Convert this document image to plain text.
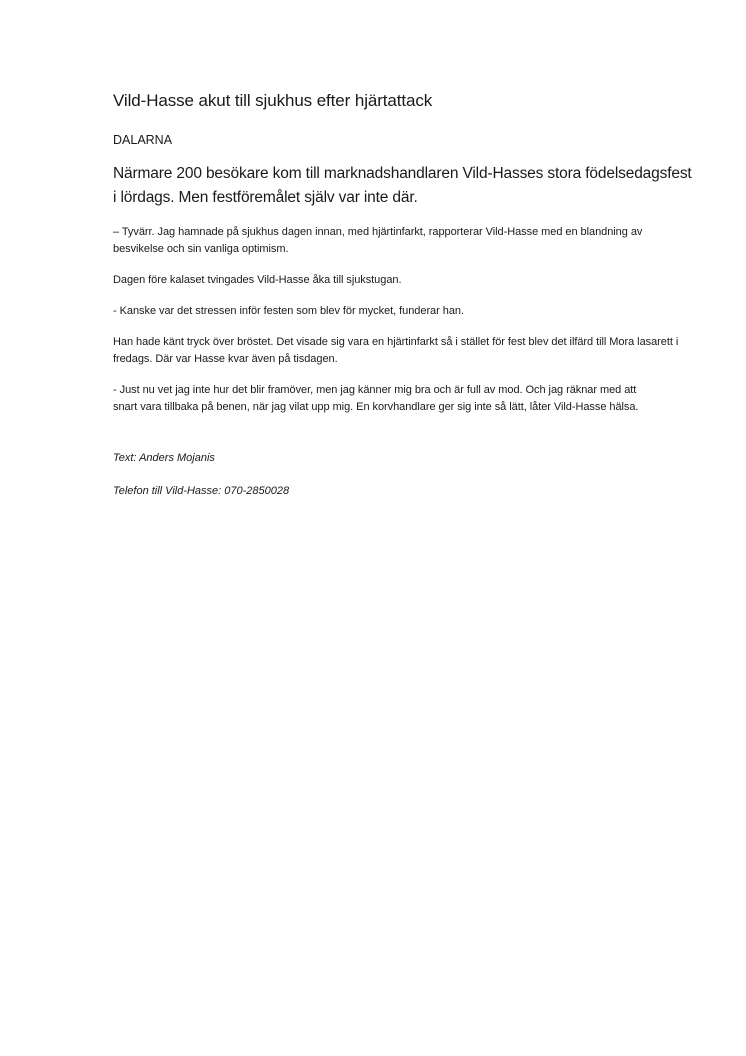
Vild-Hasse akut till sjukhus efter hjärtattack

DALARNA

Närmare 200 besökare kom till marknadshandlaren Vild-Hasses stora födelsedagsfest i lördags. Men festföremålet själv var inte där.

– Tyvärr. Jag hamnade på sjukhus dagen innan, med hjärtinfarkt, rapporterar Vild-Hasse med en blandning av besvikelse och sin vanliga optimism.

Dagen före kalaset tvingades Vild-Hasse åka till sjukstugan.

- Kanske var det stressen inför festen som blev för mycket, funderar han.

Han hade känt tryck över bröstet. Det visade sig vara en hjärtinfarkt så i stället för fest blev det ilfärd till Mora lasarett i fredags. Där var Hasse kvar även på tisdagen.

- Just nu vet jag inte hur det blir framöver, men jag känner mig bra och är full av mod. Och jag räknar med att snart vara tillbaka på benen, när jag vilat upp mig. En korvhandlare ger sig inte så lätt, låter Vild-Hasse hälsa.

Text: Anders Mojanis

Telefon till Vild-Hasse: 070-2850028
